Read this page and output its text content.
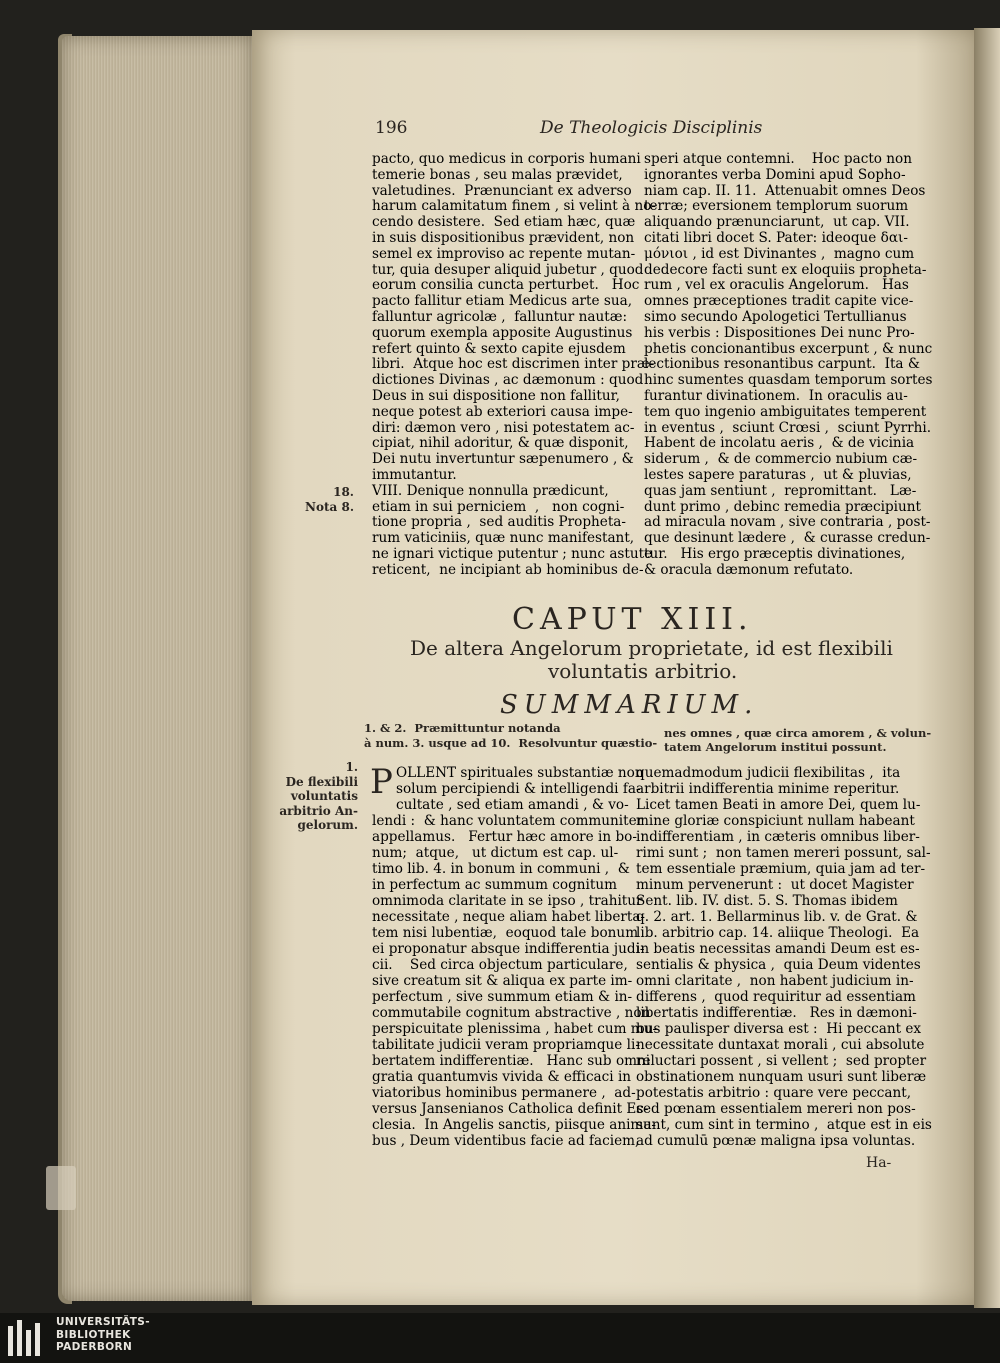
196	De Theologicis Disciplinis
pacto, quo medicus in corporis humani
temerie bonas , seu malas prævidet,
valetudines.  Prænunciant ex adverso
harum calamitatum finem , si velint à no-
cendo desistere.  Sed etiam hæc, quæ
in suis dispositionibus prævident, non
semel ex improviso ac repente mutan-
tur, quia desuper aliquid jubetur , quod
eorum consilia cuncta perturbet.   Hoc
pacto fallitur etiam Medicus arte sua,
falluntur agricolæ ,  falluntur nautæ:
quorum exempla apposite Augustinus
refert quinto & sexto capite ejusdem
libri.  Atque hoc est discrimen inter præ-
dictiones Divinas , ac dæmonum : quod
Deus in sui dispositione non fallitur,
neque potest ab exteriori causa impe-
diri: dæmon vero , nisi potestatem ac-
cipiat, nihil adoritur, & quæ disponit,
Dei nutu invertuntur sæpenumero , &
immutantur.
VIII. Denique nonnulla prædicunt,
etiam in sui perniciem  ,   non cogni-
tione propria ,  sed auditis Propheta-
rum vaticiniis, quæ nunc manifestant,
ne ignari victique putentur ; nunc astute
reticent,  ne incipiant ab hominibus de-
speri atque contemni.    Hoc pacto non
ignorantes verba Domini apud Sopho-
niam cap. II. 11.  Attenuabit omnes Deos
terræ; eversionem templorum suorum
aliquando prænunciarunt,  ut cap. VII.
citati libri docet S. Pater: ideoque δαι-
μόνιοι , id est Divinantes ,  magno cum
dedecore facti sunt ex eloquiis propheta-
rum , vel ex oraculis Angelorum.   Has
omnes præceptiones tradit capite vice-
simo secundo Apologetici Tertullianus
his verbis : Dispositiones Dei nunc Pro-
phetis concionantibus excerpunt , & nunc
lectionibus resonantibus carpunt.  Ita &
hinc sumentes quasdam temporum sortes
furantur divinationem.  In oraculis au-
tem quo ingenio ambiguitates temperent
in eventus ,  sciunt Crœsi ,  sciunt Pyrrhi.
Habent de incolatu aeris ,  & de vicinia
siderum ,  & de commercio nubium cæ-
lestes sapere paraturas ,  ut & pluvias,
quas jam sentiunt ,  repromittant.   Læ-
dunt primo , debinc remedia præcipiunt
ad miracula novam , sive contraria , post-
que desinunt lædere ,  & curasse credun-
tur.   His ergo præceptis divinationes,
& oracula dæmonum refutato.
18.
Nota 8.
CAPUT XIII.
De altera Angelorum proprietate, id est flexibili
voluntatis arbitrio.
SUMMARIUM.
1. & 2.  Præmittuntur notanda
à num. 3. usque ad 10.  Resolvuntur quæstio-
nes omnes , quæ circa amorem , & volun-
tatem Angelorum institui possunt.
1.
De flexibili
voluntatis
arbitrio An-
gelorum.
P OLLENT spirituales substantiæ non
solum percipiendi & intelligendi fa-
cultate , sed etiam amandi , & vo-
lendi :  & hanc voluntatem communiter
appellamus.   Fertur hæc amore in bo-
num;  atque,   ut dictum est cap. ul-
timo lib. 4. in bonum in communi ,  &
in perfectum ac summum cognitum
omnimoda claritate in se ipso , trahitur
necessitate , neque aliam habet liberta-
tem nisi lubentiæ,  eoquod tale bonum
ei proponatur absque indifferentia judi-
cii.    Sed circa objectum particulare,
sive creatum sit & aliqua ex parte im-
perfectum , sive summum etiam & in-
commutabile cognitum abstractive , non
perspicuitate plenissima , habet cum mu-
tabilitate judicii veram propriamque li-
bertatem indifferentiæ.   Hanc sub omni
gratia quantumvis vivida & efficaci in
viatoribus hominibus permanere ,  ad-
versus Jansenianos Catholica definit Ec-
clesia.  In Angelis sanctis, piisque anima-
bus , Deum videntibus facie ad faciem,
quemadmodum judicii flexibilitas ,  ita
arbitrii indifferentia minime reperitur.
Licet tamen Beati in amore Dei, quem lu-
mine gloriæ conspiciunt nullam habeant
indifferentiam , in cæteris omnibus liber-
rimi sunt ;  non tamen mereri possunt, sal-
tem essentiale præmium, quia jam ad ter-
minum pervenerunt :  ut docet Magister
Sent. lib. IV. dist. 5. S. Thomas ibidem
q. 2. art. 1. Bellarminus lib. v. de Grat. &
lib. arbitrio cap. 14. aliique Theologi.  Ea
in beatis necessitas amandi Deum est es-
sentialis & physica ,  quia Deum videntes
omni claritate ,  non habent judicium in-
differens ,  quod requiritur ad essentiam
libertatis indifferentiæ.   Res in dæmoni-
bus paulisper diversa est :  Hi peccant ex
necessitate duntaxat morali , cui absolute
reluctari possent , si vellent ;  sed propter
obstinationem nunquam usuri sunt liberæ
potestatis arbitrio : quare vere peccant,
sed pœnam essentialem mereri non pos-
sunt, cum sint in termino ,  atque est in eis
ad cumulū pœnæ maligna ipsa voluntas.
Ha-
UNIVERSITÄTS-
BIBLIOTHEK
PADERBORN
